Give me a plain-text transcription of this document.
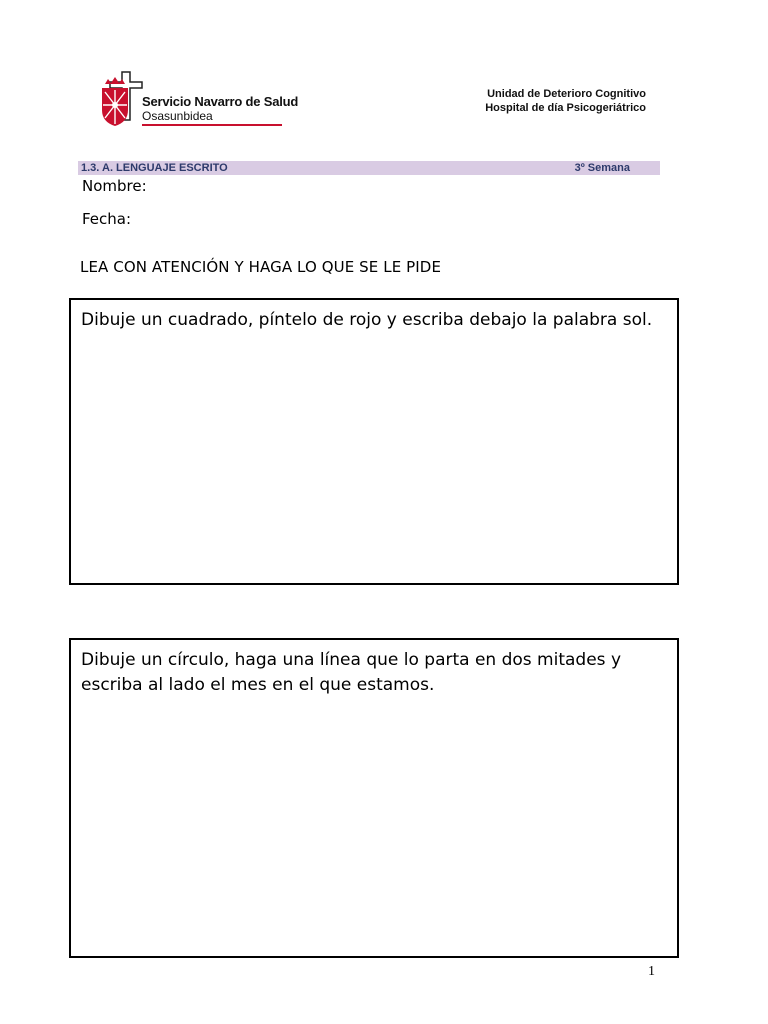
Servicio Navarro de Salud
Osasunbidea
Unidad de Deterioro Cognitivo
Hospital de día Psicogeriátrico
1.3. A. LENGUAJE ESCRITO	3º Semana
Nombre:
Fecha:
LEA CON ATENCIÓN Y HAGA LO QUE SE LE PIDE
Dibuje un cuadrado, píntelo de rojo y escriba debajo la palabra sol.
Dibuje un círculo, haga una línea que lo parta en dos mitades y escriba al lado el mes en el que estamos.
1
